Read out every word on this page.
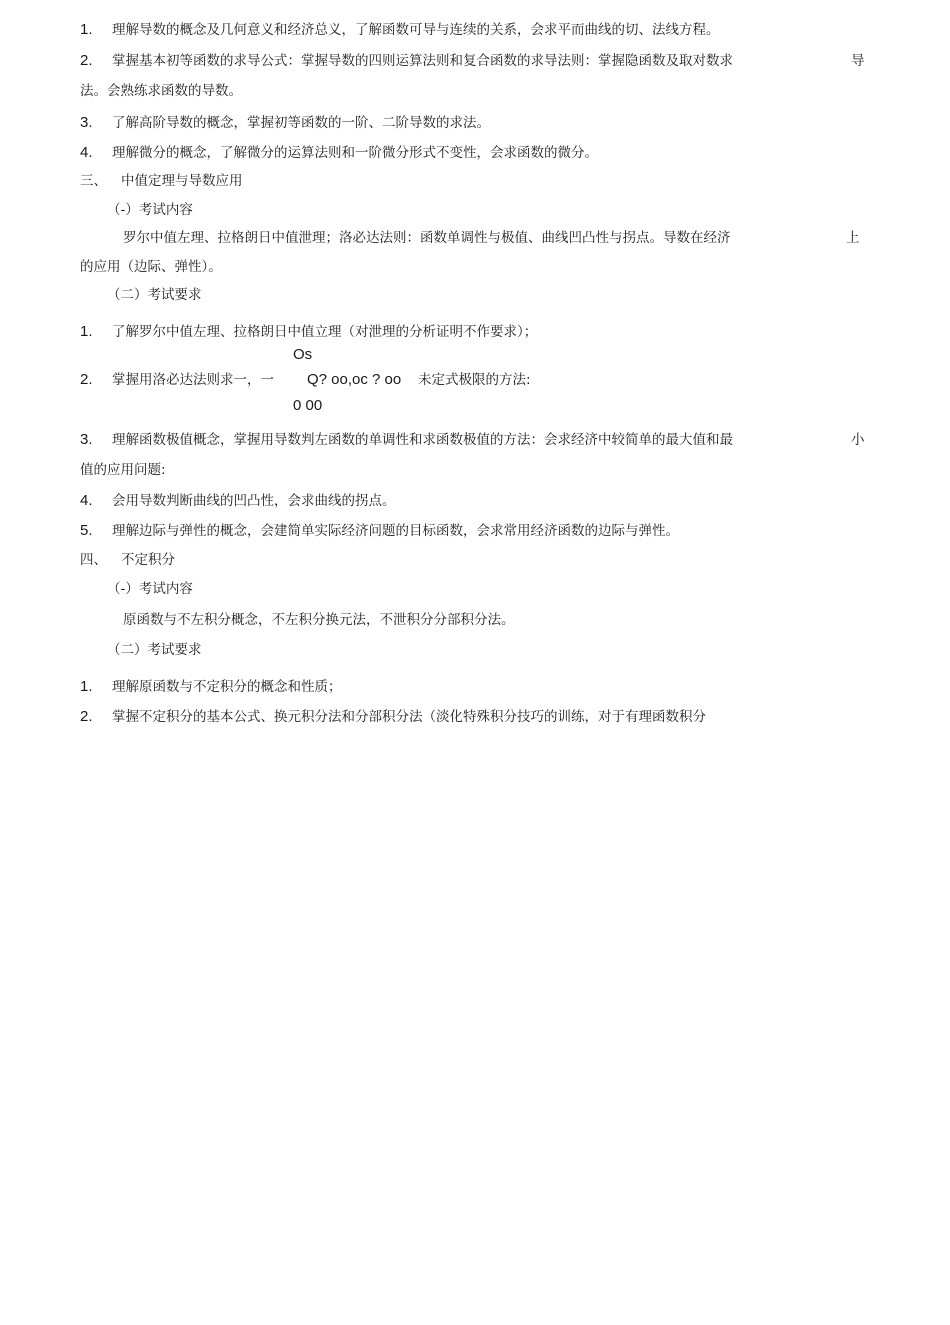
1. 理解导数的概念及几何意义和经济总义，了解函数可导与连续的关系，会求平而曲线的切、法线方程。
2. 掌握基本初等函数的求导公式：掌握导数的四则运算法则和复合函数的求导法则：掌握隐函数及取对数求	导
法。会熟练求函数的导数。
3. 了解高阶导数的概念，掌握初等函数的一阶、二阶导数的求法。
4. 理解微分的概念，了解微分的运算法则和一阶微分形式不变性，会求函数的微分。
三、 中值定理与导数应用
（-）考试内容
罗尔中值左理、拉格朗日中值泄理；洛必达法则：函数单调性与极值、曲线凹凸性与拐点。导数在经济	上
的应用（边际、弹性）。
（二）考试要求
1. 了解罗尔中值左理、拉格朗日中值立理（对泄理的分析证明不作要求）；
Os
2. 掌握用洛必达法则求一，一 Q? oo,oc ? oo 未定式极限的方法:
0 00
3. 理解函数极值概念，掌握用导数判左函数的单调性和求函数极值的方法：会求经济中较简单的最大值和最	小
值的应用问题:
4. 会用导数判断曲线的凹凸性，会求曲线的拐点。
5. 理解边际与弹性的概念，会建简单实际经济问题的目标函数，会求常用经济函数的边际与弹性。
四、 不定积分
（-）考试内容
原函数与不左积分概念，不左积分换元法，不泄积分分部积分法。
（二）考试要求
1. 理解原函数与不定积分的概念和性质；
2. 掌握不定积分的基本公式、换元积分法和分部积分法（淡化特殊积分技巧的训练，对于有理函数积分
